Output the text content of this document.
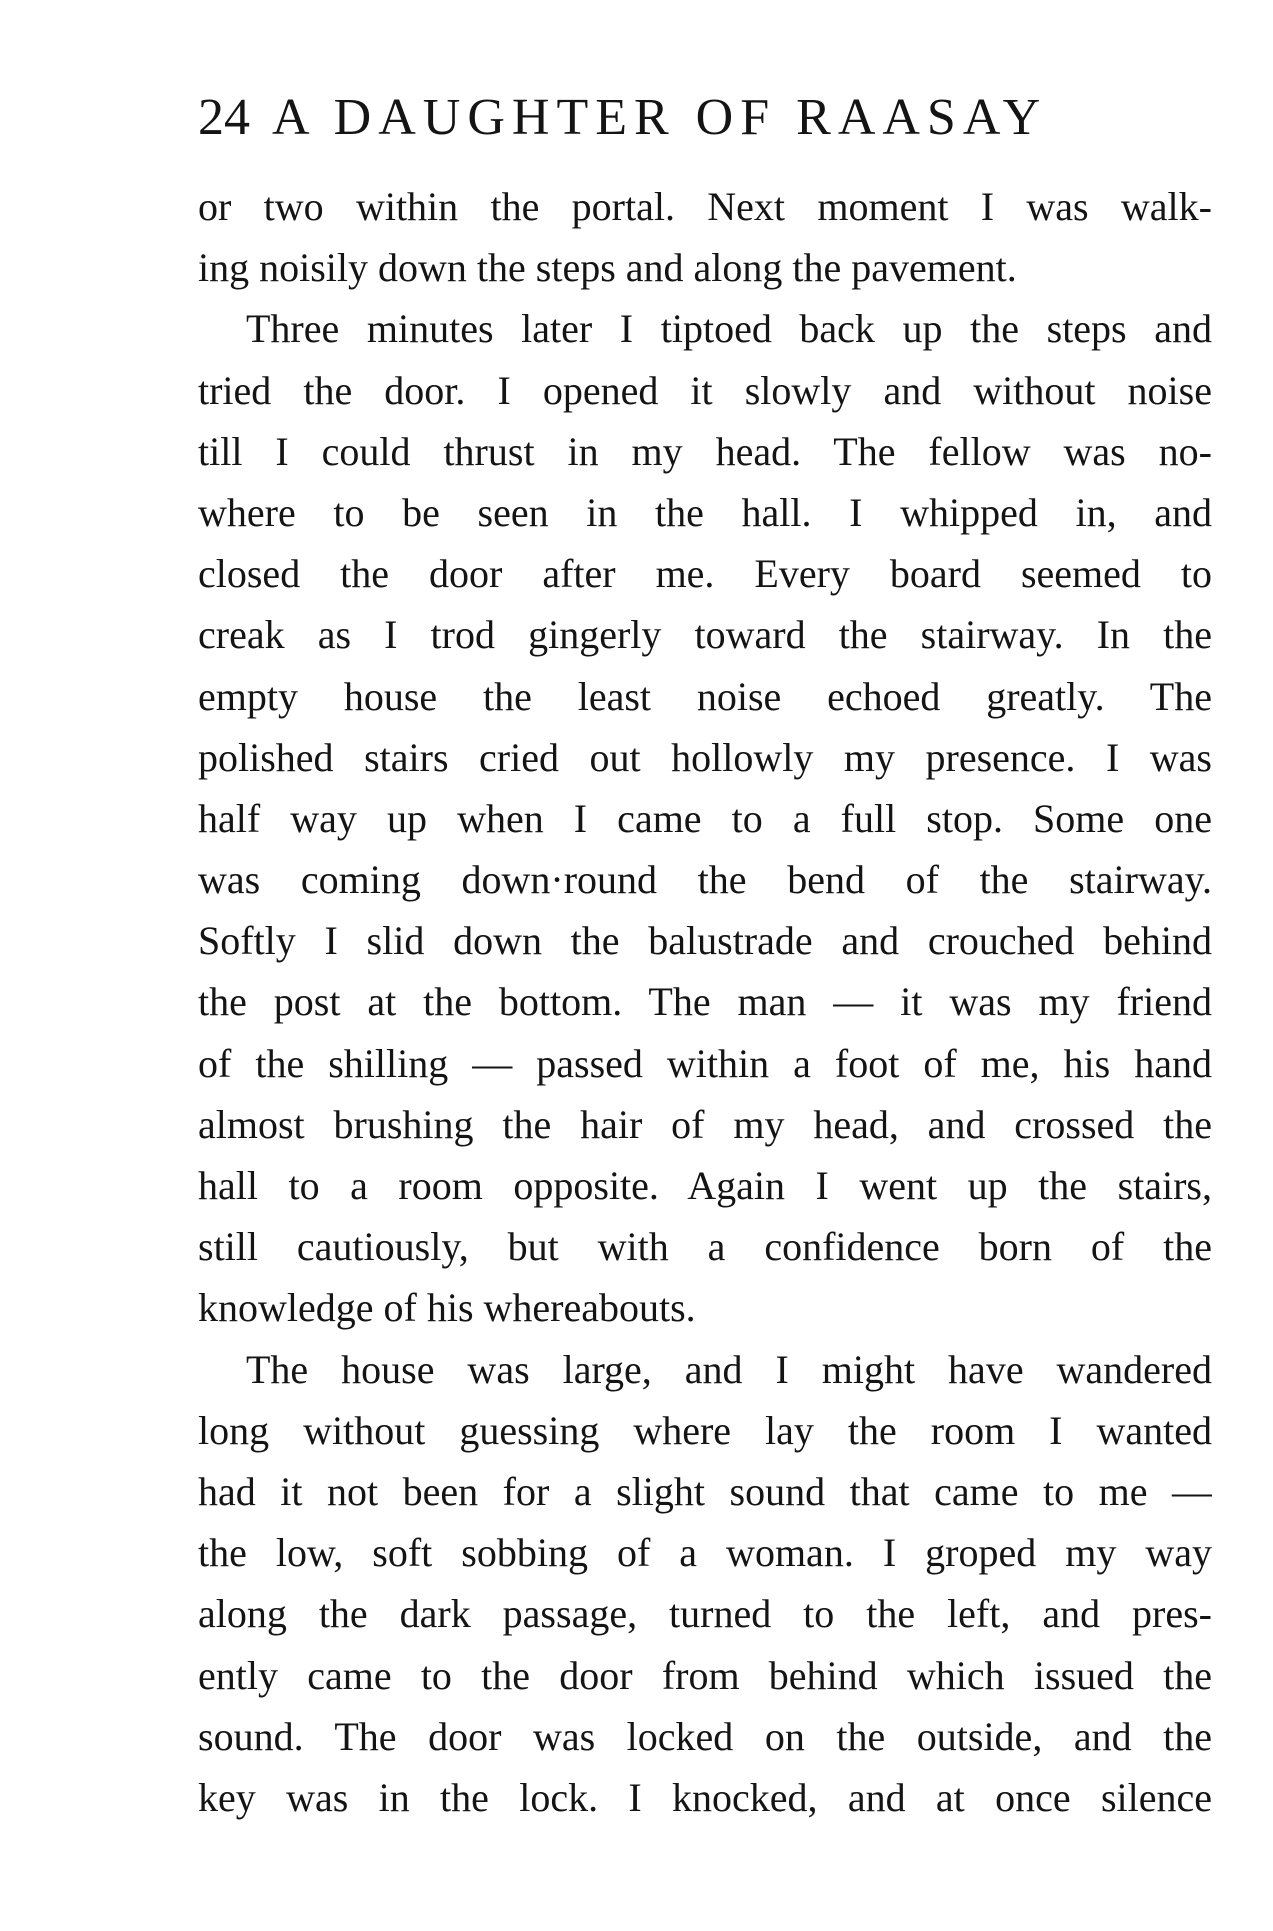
24 A DAUGHTER OF RAASAY
or two within the portal. Next moment I was walk-
ing noisily down the steps and along the pavement.
Three minutes later I tiptoed back up the steps and
tried the door. I opened it slowly and without noise
till I could thrust in my head. The fellow was no-
where to be seen in the hall. I whipped in, and
closed the door after me. Every board seemed to
creak as I trod gingerly toward the stairway. In the
empty house the least noise echoed greatly. The
polished stairs cried out hollowly my presence. I was
half way up when I came to a full stop. Some one
was coming down·round the bend of the stairway.
Softly I slid down the balustrade and crouched behind
the post at the bottom. The man — it was my friend
of the shilling — passed within a foot of me, his hand
almost brushing the hair of my head, and crossed the
hall to a room opposite. Again I went up the stairs,
still cautiously, but with a confidence born of the
knowledge of his whereabouts.
The house was large, and I might have wandered
long without guessing where lay the room I wanted
had it not been for a slight sound that came to me —
the low, soft sobbing of a woman. I groped my way
along the dark passage, turned to the left, and pres-
ently came to the door from behind which issued the
sound. The door was locked on the outside, and the
key was in the lock. I knocked, and at once silence
